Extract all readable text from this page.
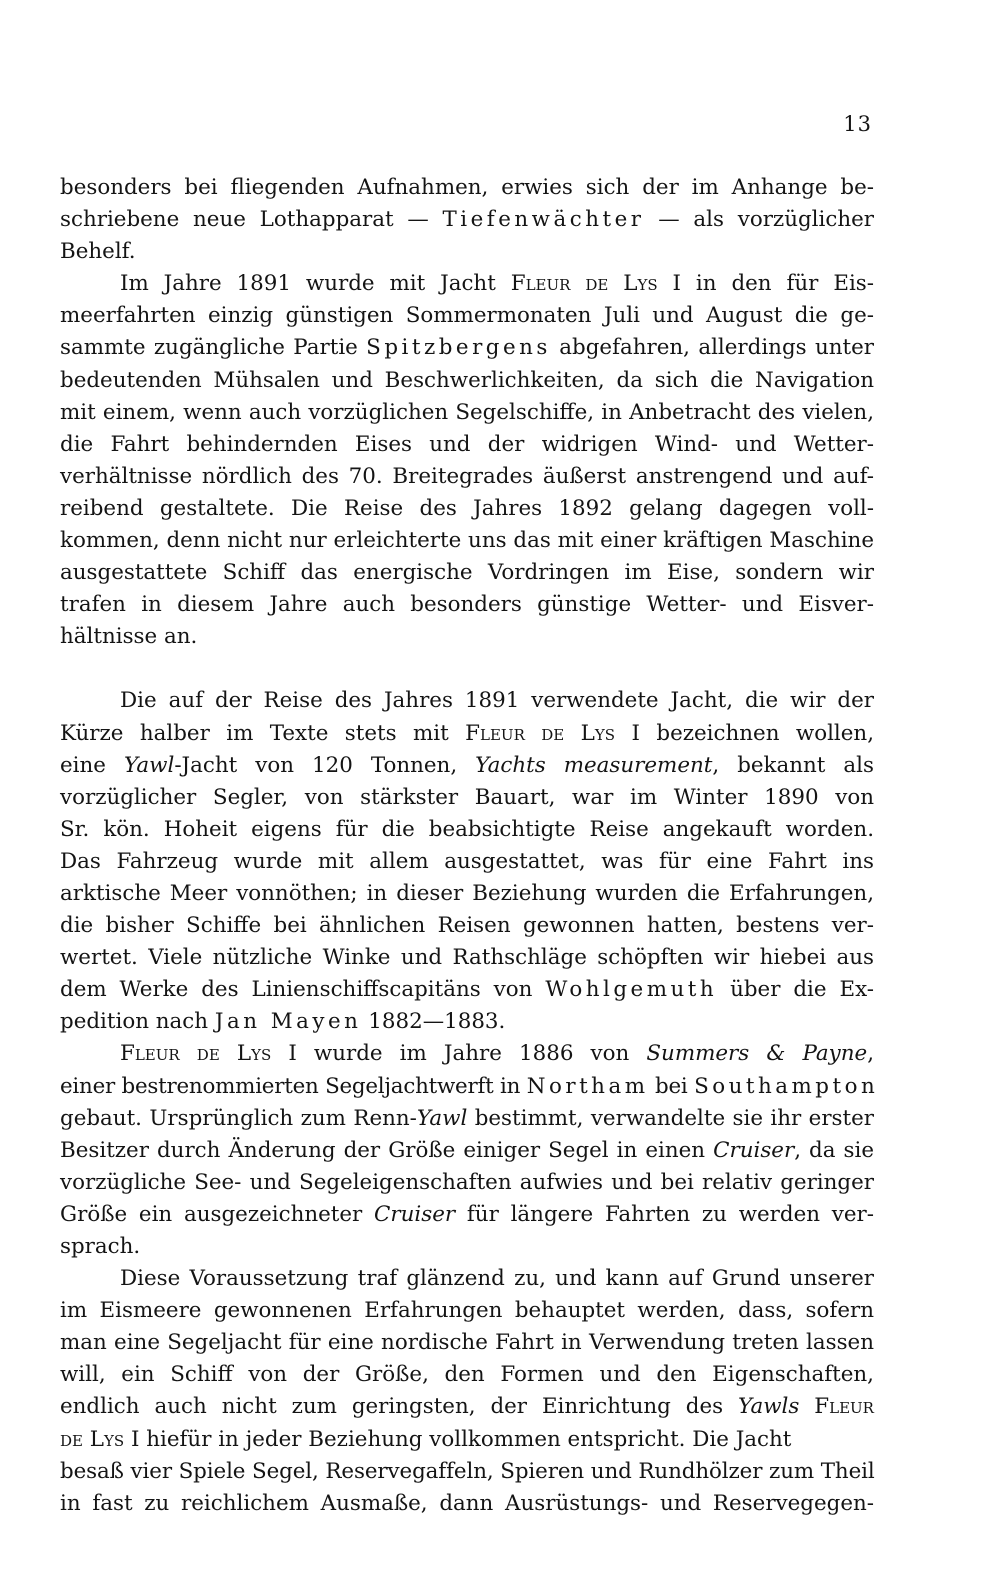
13
besonders bei fliegenden Aufnahmen, erwies sich der im Anhange be-
schriebene neue Lothapparat — Tiefenwächter — als vorzüglicher
Behelf.
Im Jahre 1891 wurde mit Jacht Fleur de Lys I in den für Eis-
meerfahrten einzig günstigen Sommermonaten Juli und August die ge-
sammte zugängliche Partie Spitzbergens abgefahren, allerdings unter
bedeutenden Mühsalen und Beschwerlichkeiten, da sich die Navigation
mit einem, wenn auch vorzüglichen Segelschiffe, in Anbetracht des vielen,
die Fahrt behindernden Eises und der widrigen Wind- und Wetter-
verhältnisse nördlich des 70. Breitegrades äußerst anstrengend und auf-
reibend gestaltete. Die Reise des Jahres 1892 gelang dagegen voll-
kommen, denn nicht nur erleichterte uns das mit einer kräftigen Maschine
ausgestattete Schiff das energische Vordringen im Eise, sondern wir
trafen in diesem Jahre auch besonders günstige Wetter- und Eisver-
hältnisse an.
Die auf der Reise des Jahres 1891 verwendete Jacht, die wir der
Kürze halber im Texte stets mit Fleur de Lys I bezeichnen wollen,
eine Yawl-Jacht von 120 Tonnen, Yachts measurement, bekannt als
vorzüglicher Segler, von stärkster Bauart, war im Winter 1890 von
Sr. kön. Hoheit eigens für die beabsichtigte Reise angekauft worden.
Das Fahrzeug wurde mit allem ausgestattet, was für eine Fahrt ins
arktische Meer vonnöthen; in dieser Beziehung wurden die Erfahrungen,
die bisher Schiffe bei ähnlichen Reisen gewonnen hatten, bestens ver-
wertet. Viele nützliche Winke und Rathschläge schöpften wir hiebei aus
dem Werke des Linienschiffscapitäns von Wohlgemuth über die Ex-
pedition nach Jan Mayen 1882—1883.
Fleur de Lys I wurde im Jahre 1886 von Summers & Payne,
einer bestrenommierten Segeljachtwerft in Northam bei Southampton
gebaut. Ursprünglich zum Renn-Yawl bestimmt, verwandelte sie ihr erster
Besitzer durch Änderung der Größe einiger Segel in einen Cruiser, da sie
vorzügliche See- und Segeleigenschaften aufwies und bei relativ geringer
Größe ein ausgezeichneter Cruiser für längere Fahrten zu werden ver-
sprach.
Diese Voraussetzung traf glänzend zu, und kann auf Grund unserer
im Eismeere gewonnenen Erfahrungen behauptet werden, dass, sofern
man eine Segeljacht für eine nordische Fahrt in Verwendung treten lassen
will, ein Schiff von der Größe, den Formen und den Eigenschaften,
endlich auch nicht zum geringsten, der Einrichtung des Yawls Fleur
de Lys I hiefür in jeder Beziehung vollkommen entspricht. Die Jacht
besaß vier Spiele Segel, Reservegaffeln, Spieren und Rundhölzer zum Theil
in fast zu reichlichem Ausmaße, dann Ausrüstungs- und Reservegegen-
